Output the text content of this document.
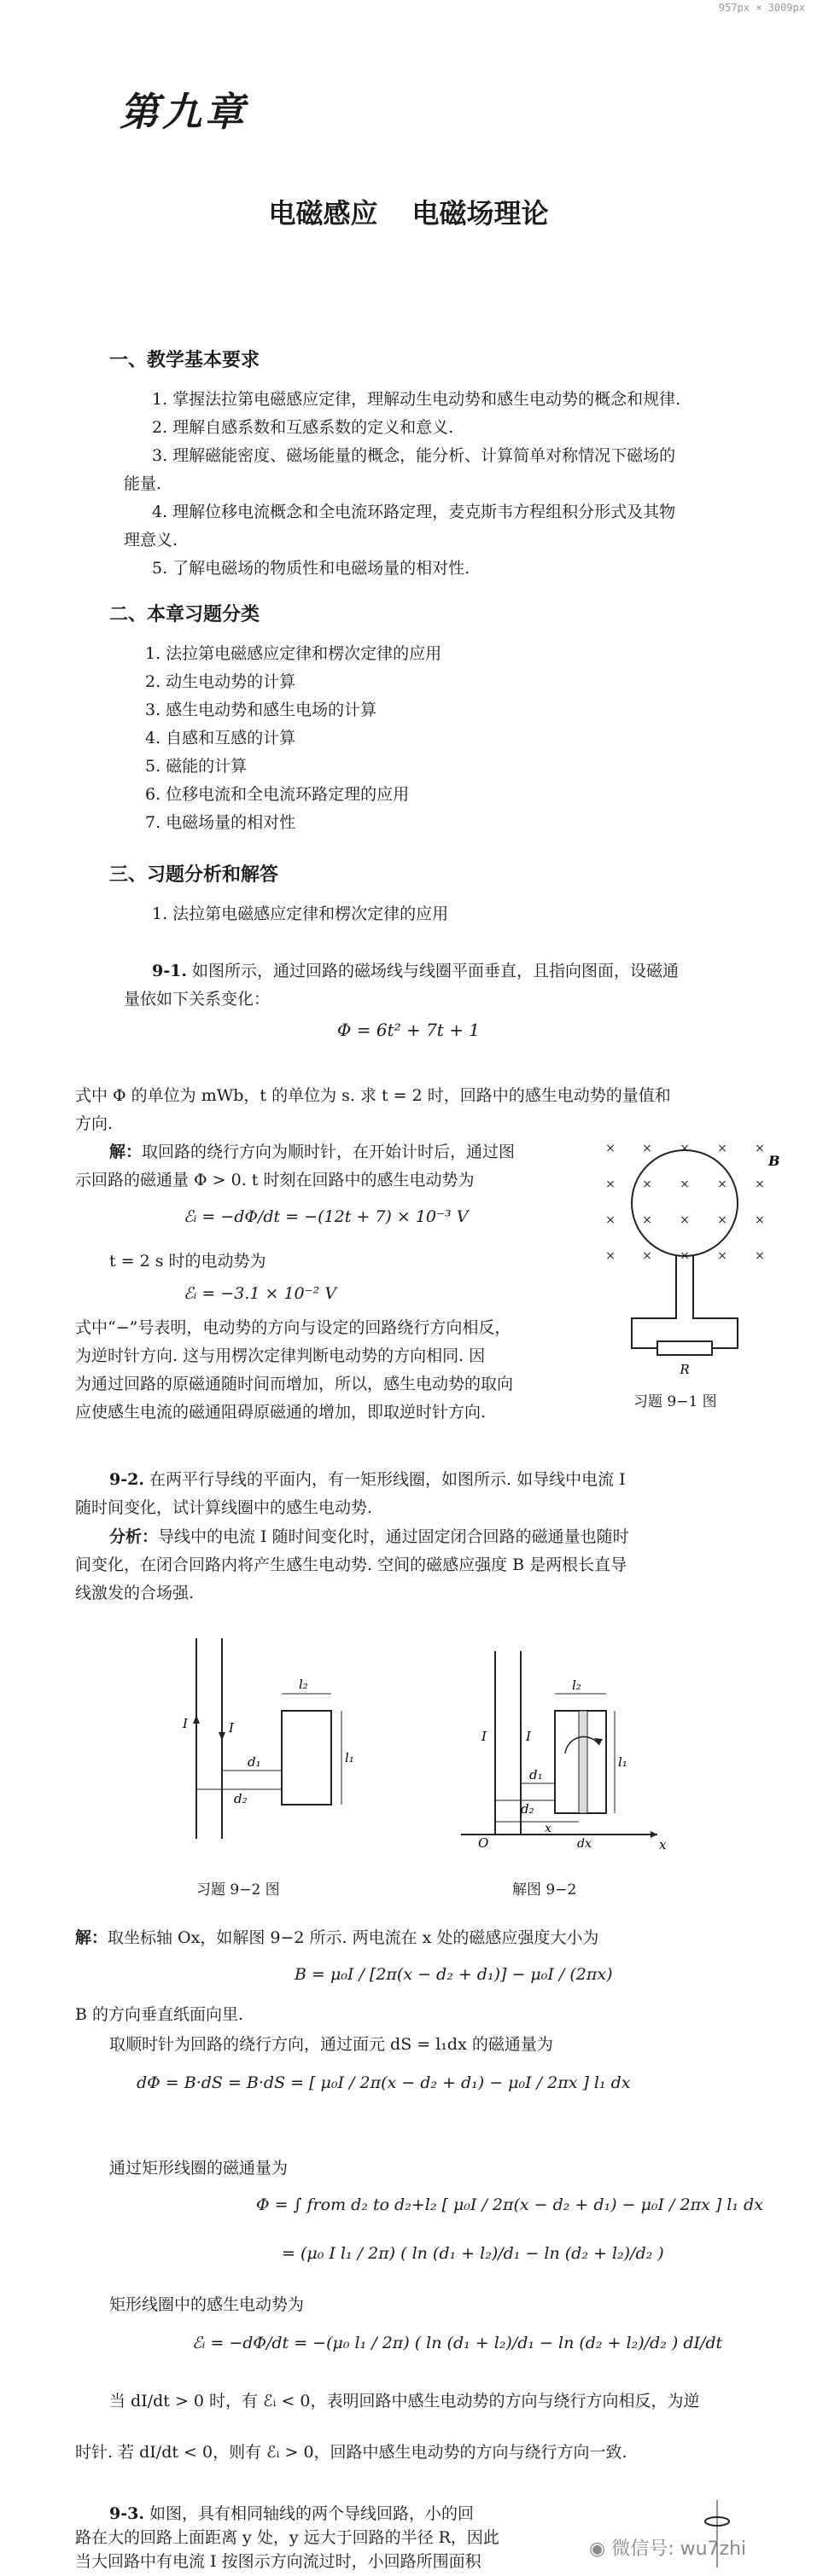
957px × 3009px
第九章
电磁感应 电磁场理论
一、教学基本要求
1. 掌握法拉第电磁感应定律，理解动生电动势和感生电动势的概念和规律.
2. 理解自感系数和互感系数的定义和意义.
3. 理解磁能密度、磁场能量的概念，能分析、计算简单对称情况下磁场的
能量.
4. 理解位移电流概念和全电流环路定理，麦克斯韦方程组积分形式及其物
理意义.
5. 了解电磁场的物质性和电磁场量的相对性.
二、本章习题分类
1. 法拉第电磁感应定律和楞次定律的应用
2. 动生电动势的计算
3. 感生电动势和感生电场的计算
4. 自感和互感的计算
5. 磁能的计算
6. 位移电流和全电流环路定理的应用
7. 电磁场量的相对性
三、习题分析和解答
1. 法拉第电磁感应定律和楞次定律的应用
9-1. 如图所示，通过回路的磁场线与线圈平面垂直，且指向图面，设磁通
量依如下关系变化：
Φ = 6t² + 7t + 1
式中 Φ 的单位为 mWb，t 的单位为 s. 求 t = 2 时，回路中的感生电动势的量值和
方向.
解：取回路的绕行方向为顺时针，在开始计时后，通过图
示回路的磁通量 Φ > 0. t 时刻在回路中的感生电动势为
ℰᵢ = −dΦ/dt = −(12t + 7) × 10⁻³ V
t = 2 s 时的电动势为
ℰᵢ = −3.1 × 10⁻² V
式中“−”号表明，电动势的方向与设定的回路绕行方向相反，
为逆时针方向. 这与用楞次定律判断电动势的方向相同. 因
为通过回路的原磁通随时间而增加，所以，感生电动势的取向
应使感生电流的磁通阻碍原磁通的增加，即取逆时针方向.
× × × × ×
× × × × ×
× × × × ×
× × × × ×
R
B
习题 9−1 图
9-2. 在两平行导线的平面内，有一矩形线圈，如图所示. 如导线中电流 I
随时间变化，试计算线圈中的感生电动势.
分析：导线中的电流 I 随时间变化时，通过固定闭合回路的磁通量也随时
间变化，在闭合回路内将产生感生电动势. 空间的磁感应强度 B 是两根长直导
线激发的合场强.
I	I
l₂
l₁
d₁
d₂
习题 9−2 图
I	I
l₂
l₁
d₁
d₂
O
x
dx	x
解图 9−2
解：取坐标轴 Ox，如解图 9−2 所示. 两电流在 x 处的磁感应强度大小为
B = μ₀I / [2π(x − d₂ + d₁)] − μ₀I / (2πx)
B 的方向垂直纸面向里.
取顺时针为回路的绕行方向，通过面元 dS = l₁dx 的磁通量为
dΦ = B·dS = B·dS = [ μ₀I / 2π(x − d₂ + d₁) − μ₀I / 2πx ] l₁ dx
通过矩形线圈的磁通量为
Φ = ∫ from d₂ to d₂+l₂ [ μ₀I / 2π(x − d₂ + d₁) − μ₀I / 2πx ] l₁ dx
= (μ₀ I l₁ / 2π) ( ln (d₁ + l₂)/d₁ − ln (d₂ + l₂)/d₂ )
矩形线圈中的感生电动势为
ℰᵢ = −dΦ/dt = −(μ₀ l₁ / 2π) ( ln (d₁ + l₂)/d₁ − ln (d₂ + l₂)/d₂ ) dI/dt
当 dI/dt > 0 时，有 ℰᵢ < 0，表明回路中感生电动势的方向与绕行方向相反，为逆
时针. 若 dI/dt < 0，则有 ℰᵢ > 0，回路中感生电动势的方向与绕行方向一致.
9-3. 如图，具有相同轴线的两个导线回路，小的回
路在大的回路上面距离 y 处，y 远大于回路的半径 R，因此
当大回路中有电流 I 按图示方向流过时，小回路所围面积
◉ 微信号: wu7zhi
